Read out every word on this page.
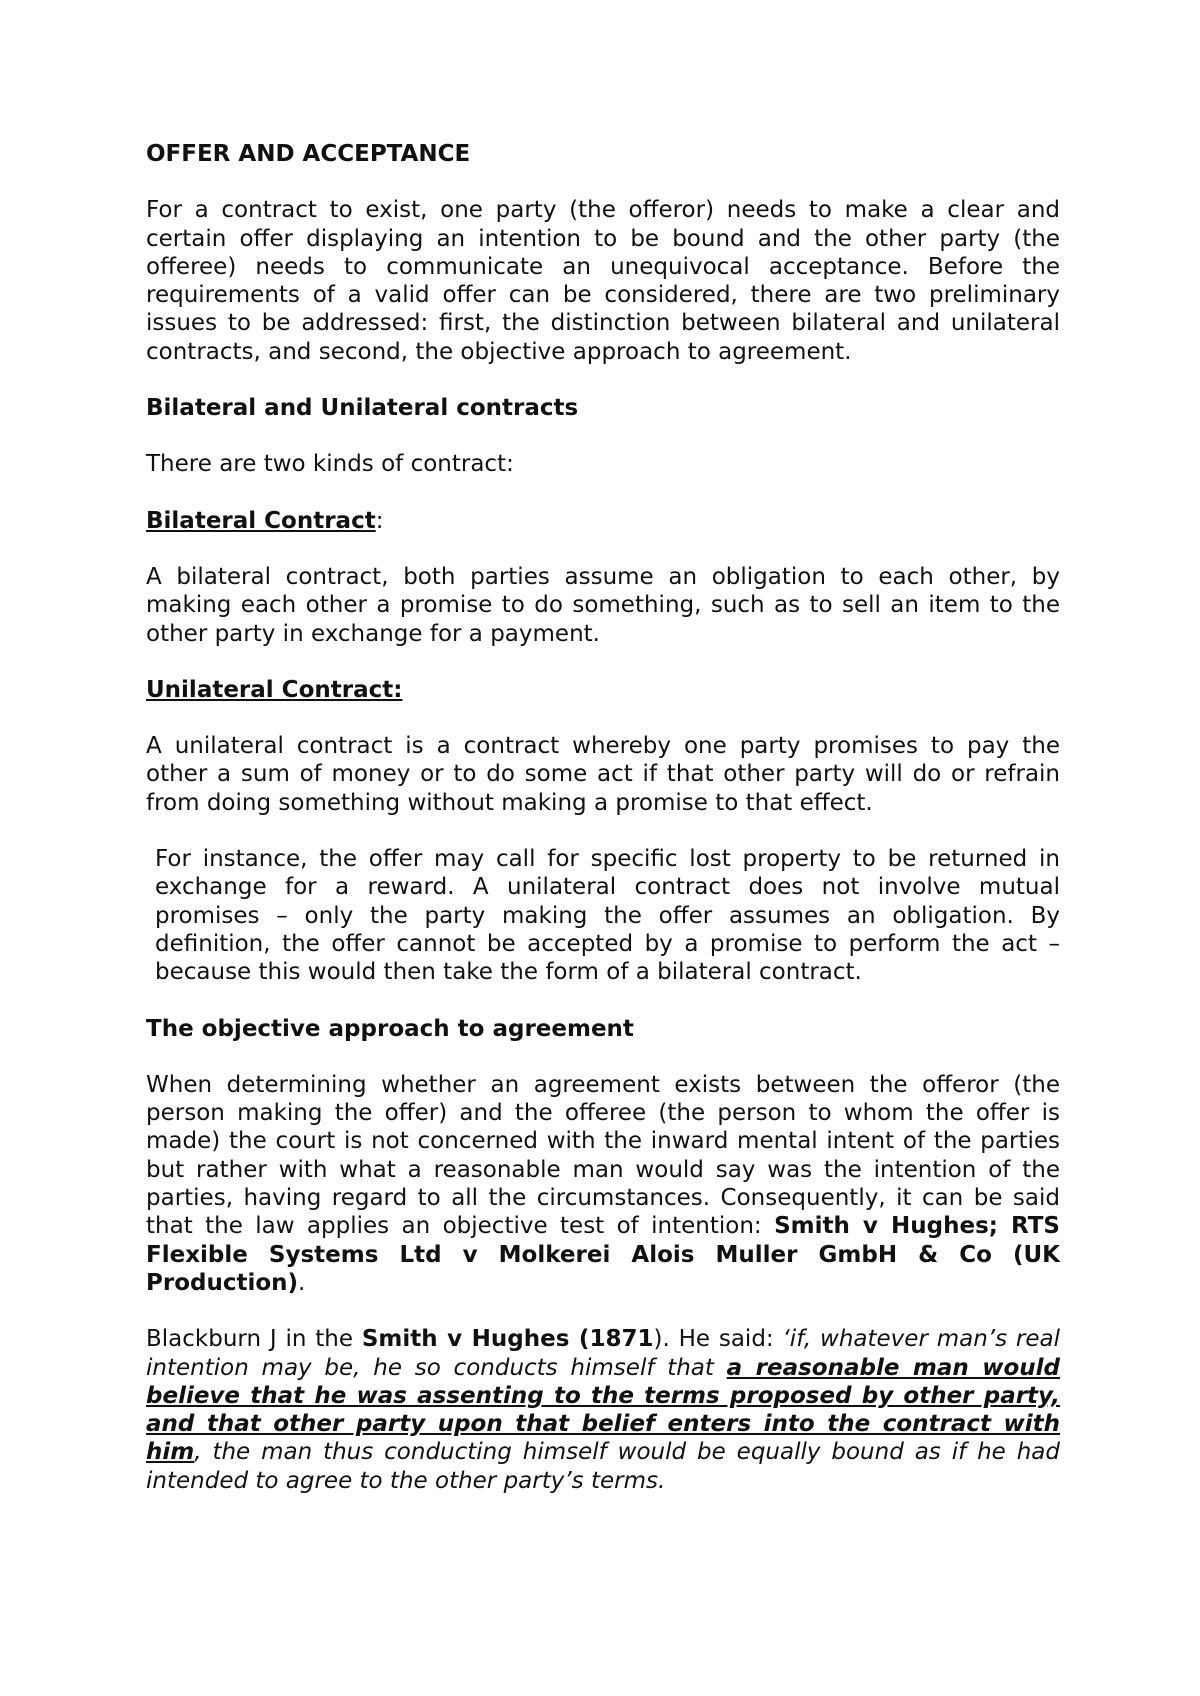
OFFER AND ACCEPTANCE
For a contract to exist, one party (the offeror) needs to make a clear and certain offer displaying an intention to be bound and the other party (the offeree) needs to communicate an unequivocal acceptance. Before the requirements of a valid offer can be considered, there are two preliminary issues to be addressed: first, the distinction between bilateral and unilateral contracts, and second, the objective approach to agreement.
Bilateral and Unilateral contracts
There are two kinds of contract:
Bilateral Contract:
A bilateral contract, both parties assume an obligation to each other, by making each other a promise to do something, such as to sell an item to the other party in exchange for a payment.
Unilateral Contract:
A unilateral contract is a contract whereby one party promises to pay the other a sum of money or to do some act if that other party will do or refrain from doing something without making a promise to that effect.
For instance, the offer may call for specific lost property to be returned in exchange for a reward. A unilateral contract does not involve mutual promises – only the party making the offer assumes an obligation. By definition, the offer cannot be accepted by a promise to perform the act – because this would then take the form of a bilateral contract.
The objective approach to agreement
When determining whether an agreement exists between the offeror (the person making the offer) and the offeree (the person to whom the offer is made) the court is not concerned with the inward mental intent of the parties but rather with what a reasonable man would say was the intention of the parties, having regard to all the circumstances. Consequently, it can be said that the law applies an objective test of intention: Smith v Hughes; RTS Flexible Systems Ltd v Molkerei Alois Muller GmbH & Co (UK Production).
Blackburn J in the Smith v Hughes (1871). He said: ‘if, whatever man’s real intention may be, he so conducts himself that a reasonable man would believe that he was assenting to the terms proposed by other party, and that other party upon that belief enters into the contract with him, the man thus conducting himself would be equally bound as if he had intended to agree to the other party’s terms.
